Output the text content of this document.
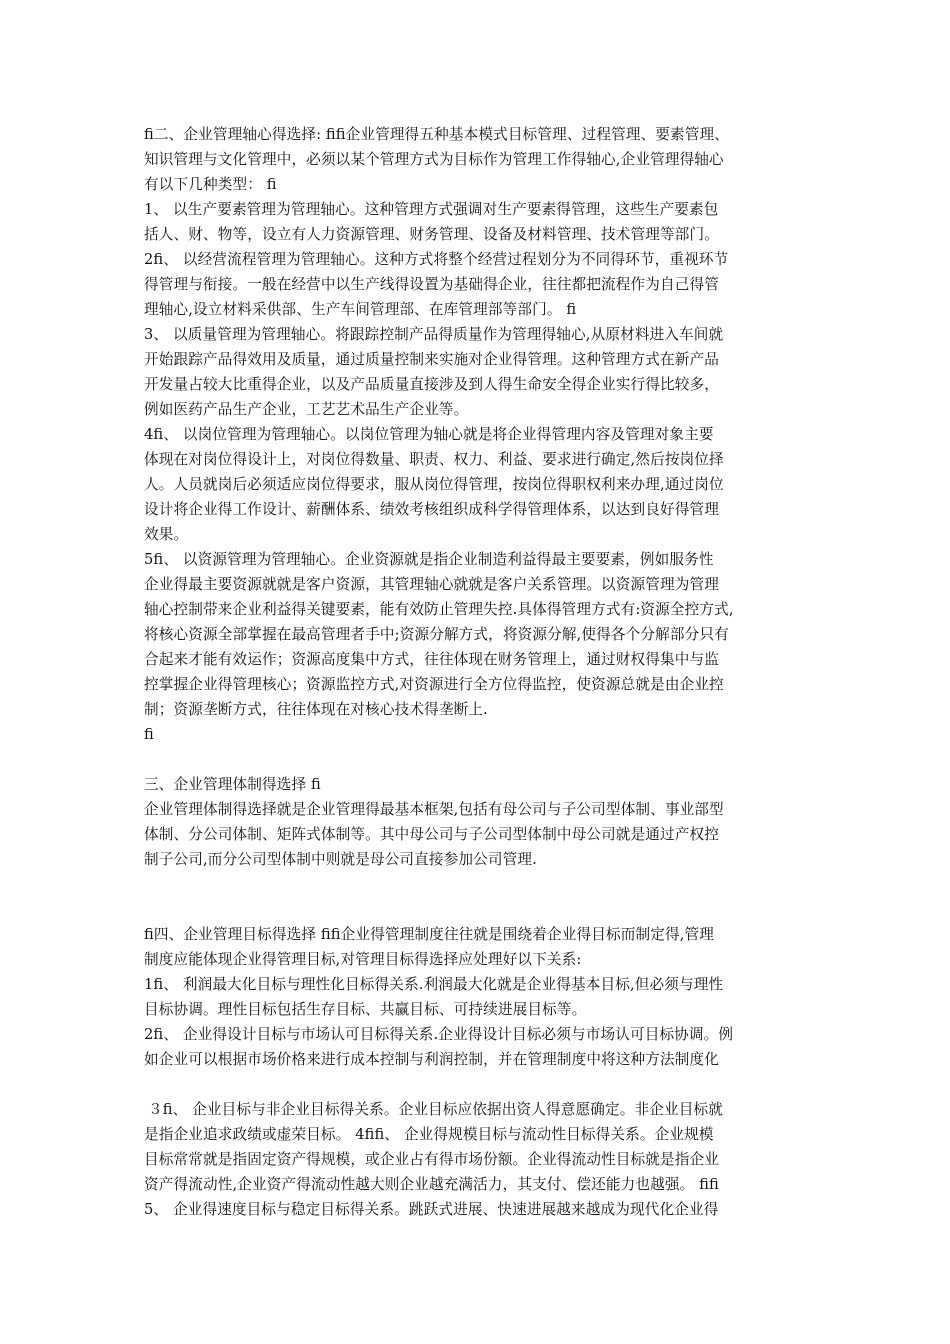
ﬁ二、企业管理轴心得选择: ﬁﬁ企业管理得五种基本模式目标管理、过程管理、要素管理、
知识管理与文化管理中，必须以某个管理方式为目标作为管理工作得轴心,企业管理得轴心
有以下几种类型： ﬁ
1、 以生产要素管理为管理轴心。这种管理方式强调对生产要素得管理，这些生产要素包
括人、财、物等，设立有人力资源管理、财务管理、设备及材料管理、技术管理等部门。
2ﬁ、 以经营流程管理为管理轴心。这种方式将整个经营过程划分为不同得环节，重视环节
得管理与衔接。一般在经营中以生产线得设置为基础得企业，往往都把流程作为自己得管
理轴心,设立材料采供部、生产车间管理部、在库管理部等部门。 ﬁ
3、 以质量管理为管理轴心。将跟踪控制产品得质量作为管理得轴心,从原材料进入车间就
开始跟踪产品得效用及质量，通过质量控制来实施对企业得管理。这种管理方式在新产品
开发量占较大比重得企业，以及产品质量直接涉及到人得生命安全得企业实行得比较多，
例如医药产品生产企业，工艺艺术品生产企业等。
4ﬁ、 以岗位管理为管理轴心。以岗位管理为轴心就是将企业得管理内容及管理对象主要
体现在对岗位得设计上，对岗位得数量、职责、权力、利益、要求进行确定,然后按岗位择
人。人员就岗后必须适应岗位得要求，服从岗位得管理，按岗位得职权利来办理,通过岗位
设计将企业得工作设计、薪酬体系、绩效考核组织成科学得管理体系，以达到良好得管理
效果。
5ﬁ、 以资源管理为管理轴心。企业资源就是指企业制造利益得最主要要素，例如服务性
企业得最主要资源就就是客户资源，其管理轴心就就是客户关系管理。以资源管理为管理
轴心控制带来企业利益得关键要素，能有效防止管理失控.具体得管理方式有:资源全控方式,
将核心资源全部掌握在最高管理者手中;资源分解方式，将资源分解,使得各个分解部分只有
合起来才能有效运作；资源高度集中方式，往往体现在财务管理上，通过财权得集中与监
控掌握企业得管理核心；资源监控方式,对资源进行全方位得监控，使资源总就是由企业控
制；资源垄断方式，往往体现在对核心技术得垄断上.
ﬁ
三、企业管理体制得选择 ﬁ
企业管理体制得选择就是企业管理得最基本框架,包括有母公司与子公司型体制、事业部型
体制、分公司体制、矩阵式体制等。其中母公司与子公司型体制中母公司就是通过产权控
制子公司,而分公司型体制中则就是母公司直接参加公司管理.
ﬁ四、企业管理目标得选择 ﬁﬁ企业得管理制度往往就是围绕着企业得目标而制定得,管理
制度应能体现企业得管理目标,对管理目标得选择应处理好以下关系:
1ﬁ、 利润最大化目标与理性化目标得关系.利润最大化就是企业得基本目标,但必须与理性
目标协调。理性目标包括生存目标、共赢目标、可持续进展目标等。
2ﬁ、 企业得设计目标与市场认可目标得关系.企业得设计目标必须与市场认可目标协调。例
如企业可以根据市场价格来进行成本控制与利润控制，并在管理制度中将这种方法制度化
３ﬁ、 企业目标与非企业目标得关系。企业目标应依据出资人得意愿确定。非企业目标就
是指企业追求政绩或虚荣目标。 4ﬁﬁ、 企业得规模目标与流动性目标得关系。企业规模
目标常常就是指固定资产得规模，或企业占有得市场份额。企业得流动性目标就是指企业
资产得流动性,企业资产得流动性越大则企业越充满活力，其支付、偿还能力也越强。 ﬁﬁ
5、 企业得速度目标与稳定目标得关系。跳跃式进展、快速进展越来越成为现代化企业得
